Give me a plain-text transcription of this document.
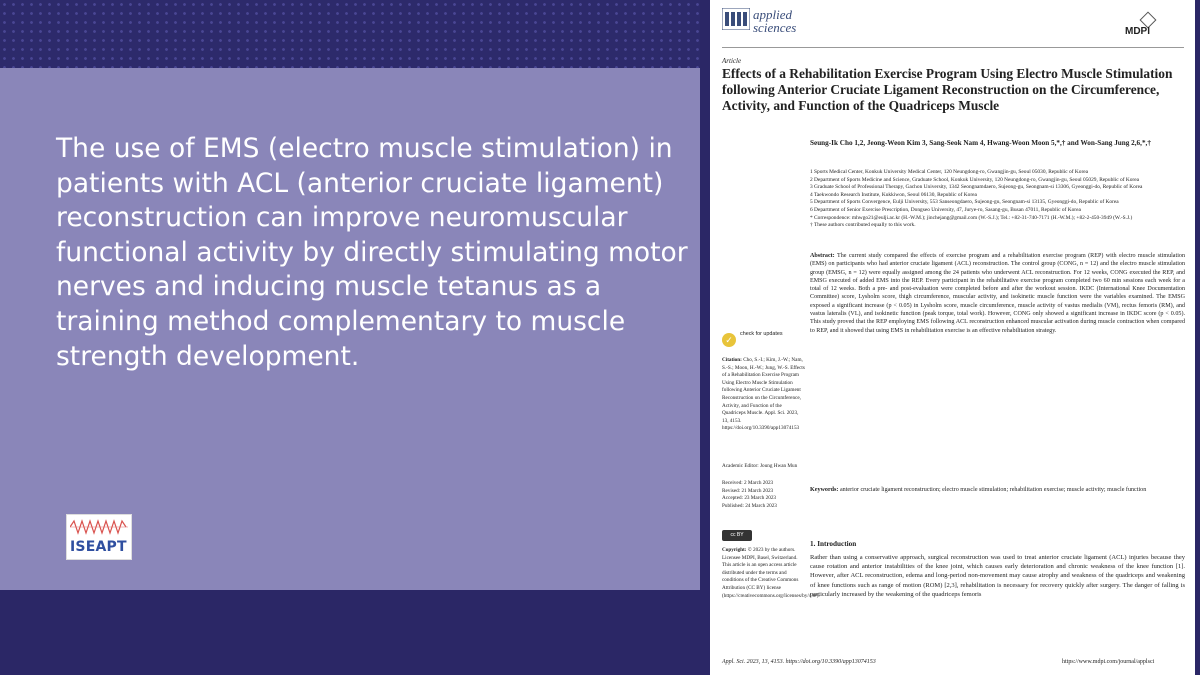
The use of EMS (electro muscle stimulation) in patients with ACL (anterior cruciate ligament) reconstruction can improve neuromuscular functional activity by directly stimulating motor nerves and inducing muscle tetanus as a training method complementary to muscle strength development.

ISEAPT
applied
sciences	MDPI
Article
Effects of a Rehabilitation Exercise Program Using Electro Muscle Stimulation following Anterior Cruciate Ligament Reconstruction on the Circumference, Activity, and Function of the Quadriceps Muscle
Seung-Ik Cho 1,2, Jeong-Weon Kim 3, Sang-Seok Nam 4, Hwang-Woon Moon 5,*,† and Won-Sang Jung 2,6,*,†
1 Sports Medical Center, Konkuk University Medical Center, 120 Neungdong-ro, Gwangjin-gu, Seoul 05030, Republic of Korea
2 Department of Sports Medicine and Science, Graduate School, Konkuk University, 120 Neungdong-ro, Gwangjin-gu, Seoul 05029, Republic of Korea
3 Graduate School of Professional Therapy, Gachon University, 1342 Seongnamdaero, Sujeong-gu, Seongnam-si 13306, Gyeonggi-do, Republic of Korea
4 Taekwondo Research Institute, Kukkiwon, Seoul 06130, Republic of Korea
5 Department of Sports Convergence, Eulji University, 553 Sanseongdaero, Sujeong-gu, Seongnam-si 13135, Gyeonggi-do, Republic of Korea
6 Department of Senior Exercise Prescription, Dongseo University, 47, Jurye-ro, Sasang-gu, Busan 47011, Republic of Korea
* Correspondence: mhwgo21@eulji.ac.kr (H.-W.M.); jinchejang@gmail.com (W.-S.J.); Tel.: +82-31-740-7171 (H.-W.M.); +82-2-450-3949 (W.-S.J.)
† These authors contributed equally to this work.
Abstract: The current study compared the effects of exercise program and a rehabilitation exercise program (REP) with electro muscle stimulation (EMS) on participants who had anterior cruciate ligament (ACL) reconstruction. The control group (CONG, n = 12) and the electro muscle stimulation group (EMSG, n = 12) were equally assigned among the 24 patients who underwent ACL reconstruction. For 12 weeks, CONG executed the REP, and EMSG executed of added EMS into the REP. Every participant in the rehabilitative exercise program completed two 60 min sessions each week for a total of 12 weeks. Both a pre- and post-evaluation were completed before and after the workout session. IKDC (International Knee Documentation Committee) score, Lysholm score, thigh circumference, muscular activity, and isokinetic muscle function were the variables examined. The EMSG exposed a significant increase (p < 0.05) in Lysholm score, muscle circumference, muscle activity of vastus medialis (VM), rectus femoris (RM), and vastus lateralis (VL), and isokinetic function (peak torque, total work). However, CONG only showed a significant increase in IKDC score (p < 0.05). This study proved that the REP employing EMS following ACL reconstruction enhanced muscular activation during muscle contraction when compared to REP, and it showed that using EMS in rehabilitation exercise is an effective rehabilitation strategy.
Keywords: anterior cruciate ligament reconstruction; electro muscle stimulation; rehabilitation exercise; muscle activity; muscle function
✓
check for updates
Citation: Cho, S.-I.; Kim, J.-W.; Nam, S.-S.; Moon, H.-W.; Jung, W.-S. Effects of a Rehabilitation Exercise Program Using Electro Muscle Stimulation following Anterior Cruciate Ligament Reconstruction on the Circumference, Activity, and Function of the Quadriceps Muscle. Appl. Sci. 2023, 13, 4153. https://doi.org/10.3390/app13074153
Academic Editor: Joung Hwan Mun
Received: 2 March 2023
Revised: 21 March 2023
Accepted: 23 March 2023
Published: 24 March 2023
cc BY
Copyright: © 2023 by the authors. Licensee MDPI, Basel, Switzerland. This article is an open access article distributed under the terms and conditions of the Creative Commons Attribution (CC BY) license (https://creativecommons.org/licenses/by/4.0/).
1. Introduction
Rather than using a conservative approach, surgical reconstruction was used to treat anterior cruciate ligament (ACL) injuries because they cause rotation and anterior instabilities of the knee joint, which causes early deterioration and chronic weakness of the knee function [1]. However, after ACL reconstruction, edema and long-period non-movement may cause atrophy and weakness of the quadriceps and weakening of knee functions such as range of motion (ROM) [2,3], rehabilitation is necessary for recovery quickly after surgery. The danger of falling is particularly increased by the weakening of the quadriceps femoris
Appl. Sci. 2023, 13, 4153. https://doi.org/10.3390/app13074153	https://www.mdpi.com/journal/applsci
